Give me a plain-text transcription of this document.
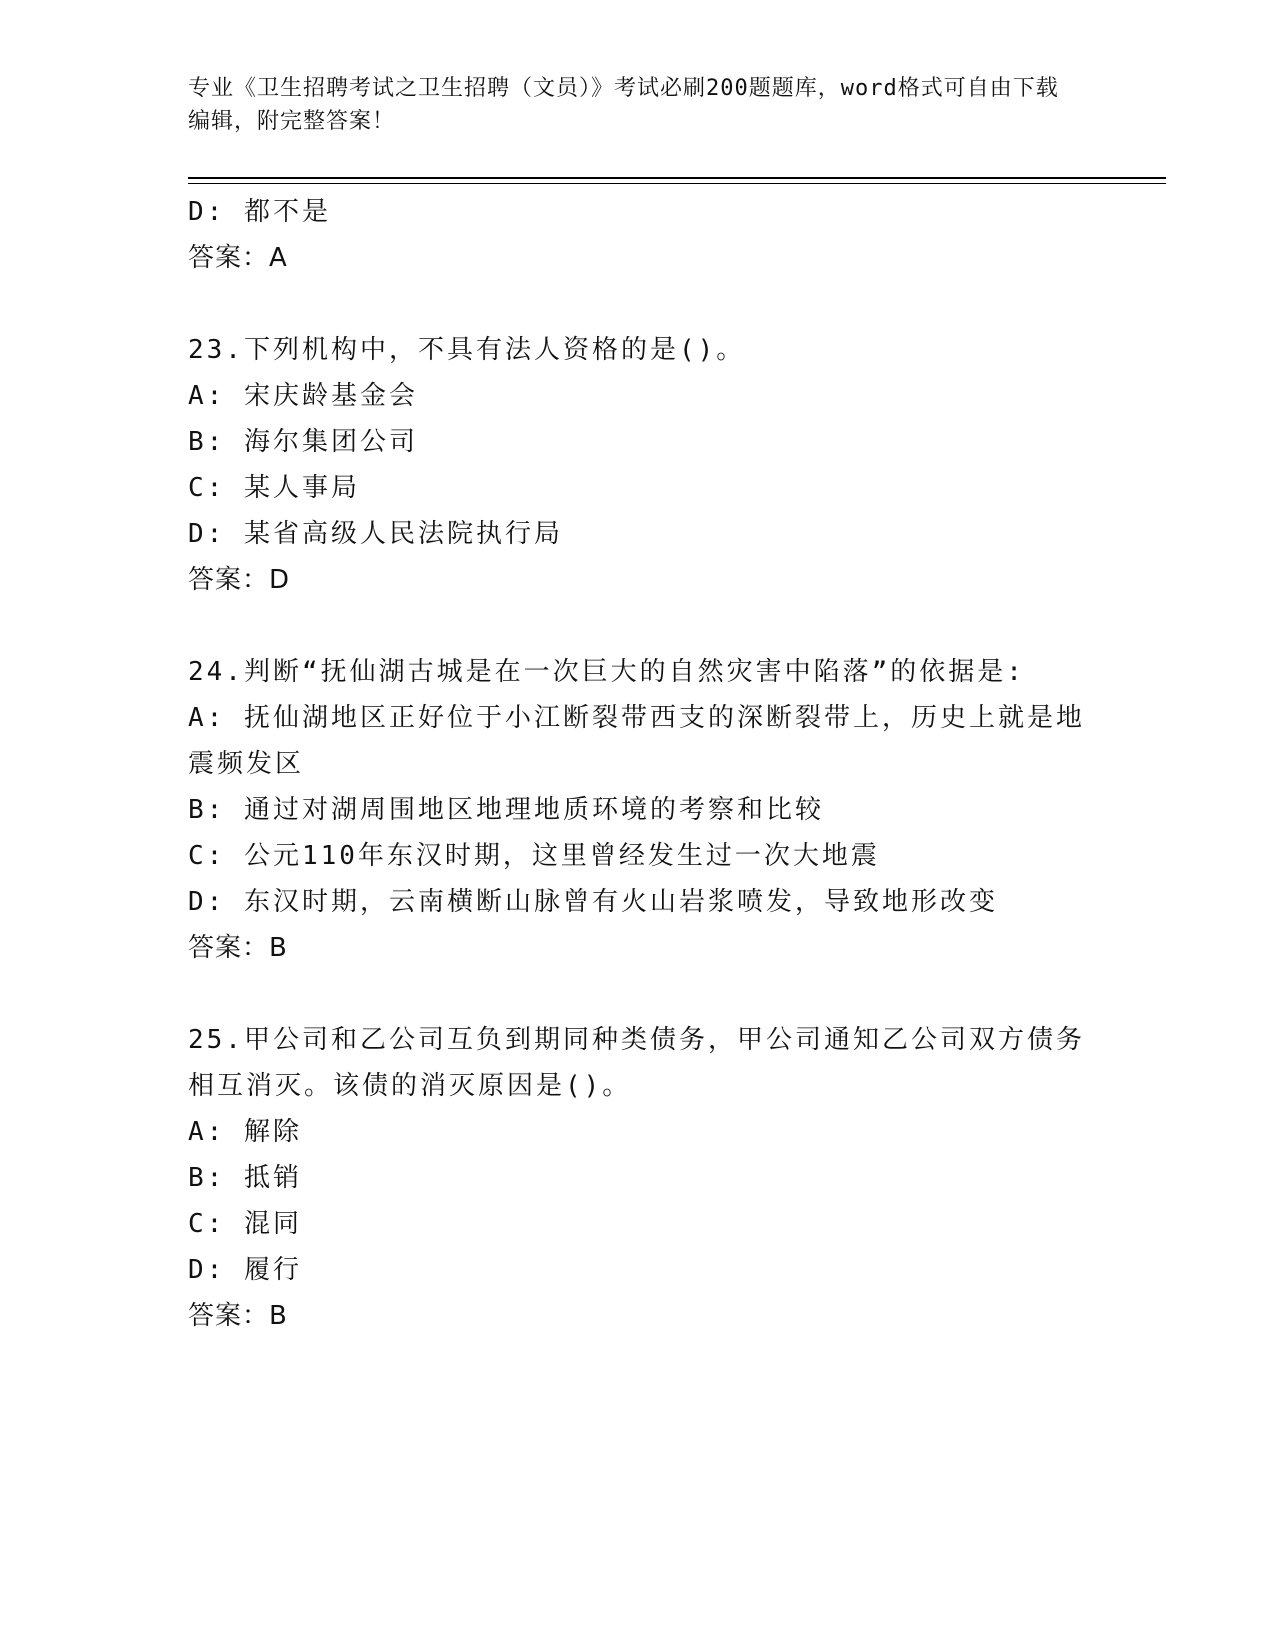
专业《卫生招聘考试之卫生招聘（文员）》考试必刷200题题库，word格式可自由下载编辑，附完整答案！
D: 都不是
答案：A
23.下列机构中，不具有法人资格的是()。
A: 宋庆龄基金会
B: 海尔集团公司
C: 某人事局
D: 某省高级人民法院执行局
答案：D
24.判断“抚仙湖古城是在一次巨大的自然灾害中陷落”的依据是:
A: 抚仙湖地区正好位于小江断裂带西支的深断裂带上，历史上就是地震频发区
B: 通过对湖周围地区地理地质环境的考察和比较
C: 公元110年东汉时期，这里曾经发生过一次大地震
D: 东汉时期，云南横断山脉曾有火山岩浆喷发，导致地形改变
答案：B
25.甲公司和乙公司互负到期同种类债务，甲公司通知乙公司双方债务相互消灭。该债的消灭原因是()。
A: 解除
B: 抵销
C: 混同
D: 履行
答案：B
